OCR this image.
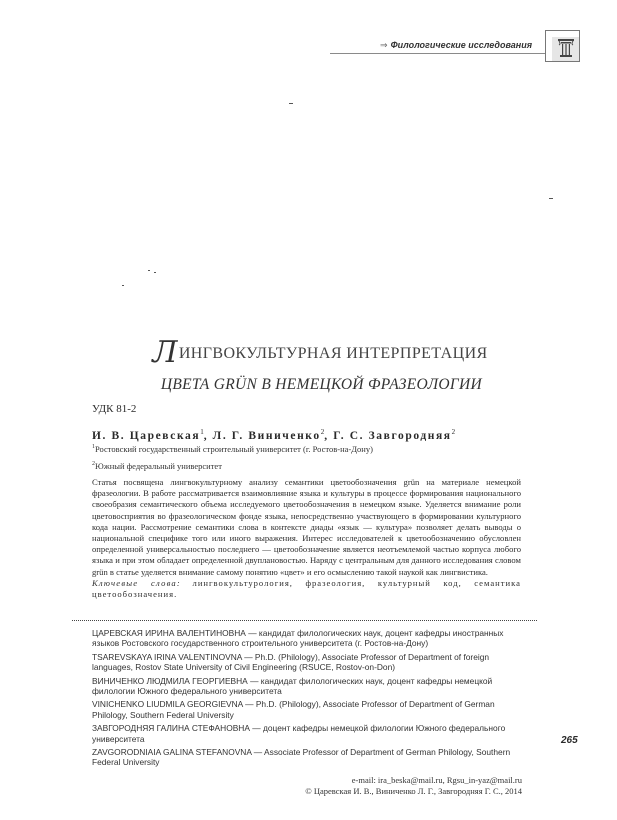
⇒ Филологические исследования
ЛИНГВОКУЛЬТУРНАЯ ИНТЕРПРЕТАЦИЯ
ЦВЕТА GRÜN В НЕМЕЦКОЙ ФРАЗЕОЛОГИИ
УДК 81-2
И. В. Царевская$^1$, Л. Г. Виниченко$^2$, Г. С. Завгородняя$^2$
$^1$Ростовский государственный строительный университет (г. Ростов-на-Дону)
$^2$Южный федеральный университет
Статья посвящена лингвокультурному анализу семантики цветообозначения grün на материале немецкой фразеологии. В работе рассматривается взаимовлияние языка и культуры в процессе формирования национального своеобразия семантического объема исследуемого цветообозначения в немецком языке. Уделяется внимание роли цветовосприятия во фразеологическом фонде языка, непосредственно участвующего в формировании культурного кода нации. Рассмотрение семантики слова в контексте диады «язык — культура» позволяет делать выводы о национальной специфике того или иного выражения. Интерес исследователей к цветообозначению обусловлен определенной универсальностью последнего — цветообозначение является неотъемлемой частью корпуса любого языка и при этом обладает определенной двуплановостью. Наряду с центральным для данного исследования словом grün в статье уделяется внимание самому понятию «цвет» и его осмыслению такой наукой как лингвистика.
Ключевые слова: лингвокультурология, фразеология, культурный код, семантика цветообозначения.
ЦАРЕВСКАЯ ИРИНА ВАЛЕНТИНОВНА — кандидат филологических наук, доцент кафедры иностранных языков Ростовского государственного строительного университета (г. Ростов-на-Дону)
TSAREVSKAYA IRINA VALENTINOVNA — Ph.D. (Philology), Associate Professor of Department of foreign languages, Rostov State University of Civil Engineering (RSUCE, Rostov-on-Don)
ВИНИЧЕНКО ЛЮДМИЛА ГЕОРГИЕВНА — кандидат филологических наук, доцент кафедры немецкой филологии Южного федерального университета
VINICHENKO LIUDMILA GEORGIEVNA — Ph.D. (Philology), Associate Professor of Department of German Philology, Southern Federal University
ЗАВГОРОДНЯЯ ГАЛИНА СТЕФАНОВНА — доцент кафедры немецкой филологии Южного федерального университета
ZAVGORODNIAIA GALINA STEFANOVNA — Associate Professor of Department of German Philology, Southern Federal University
265
e-mail: ira_beska@mail.ru, Rgsu_in-yaz@mail.ru
© Царевская И. В., Виниченко Л. Г., Завгородняя Г. С., 2014
